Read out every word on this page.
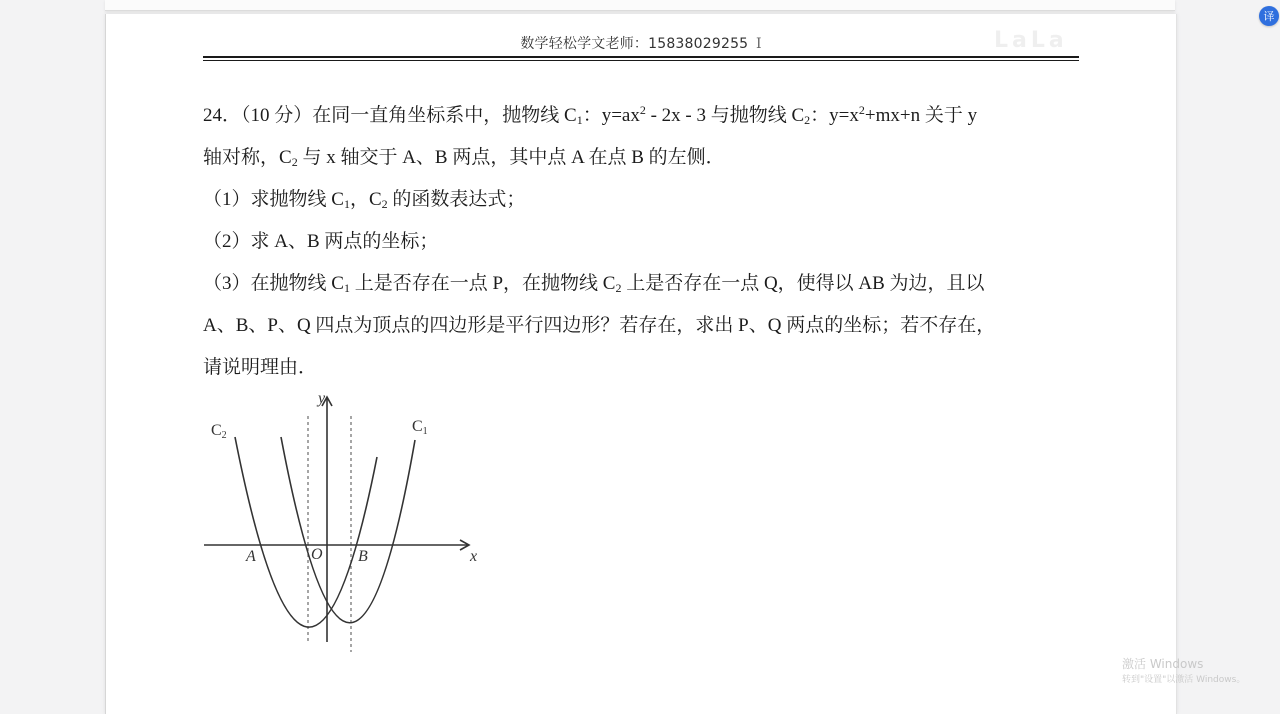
数学轻松学文老师：15838029255 I	LaLa
24．（10 分）在同一直角坐标系中，抛物线 $C_1$：$y=ax^2 - 2x - 3$ 与抛物线 $C_2$：$y=x^2+mx+n$ 关于 y
轴对称，$C_2$ 与 x 轴交于 A、B 两点，其中点 A 在点 B 的左侧．
（1）求抛物线 $C_1$，$C_2$ 的函数表达式；
（2）求 A、B 两点的坐标；
（3）在抛物线 $C_1$ 上是否存在一点 P，在抛物线 $C_2$ 上是否存在一点 Q，使得以 AB 为边，且以
A、B、P、Q 四点为顶点的四边形是平行四边形？若存在，求出 P、Q 两点的坐标；若不存在，
请说明理由．
y
x
O
A	B
$C_2$
$C_1$
译
激活 Windows
转到"设置"以激活 Windows。
